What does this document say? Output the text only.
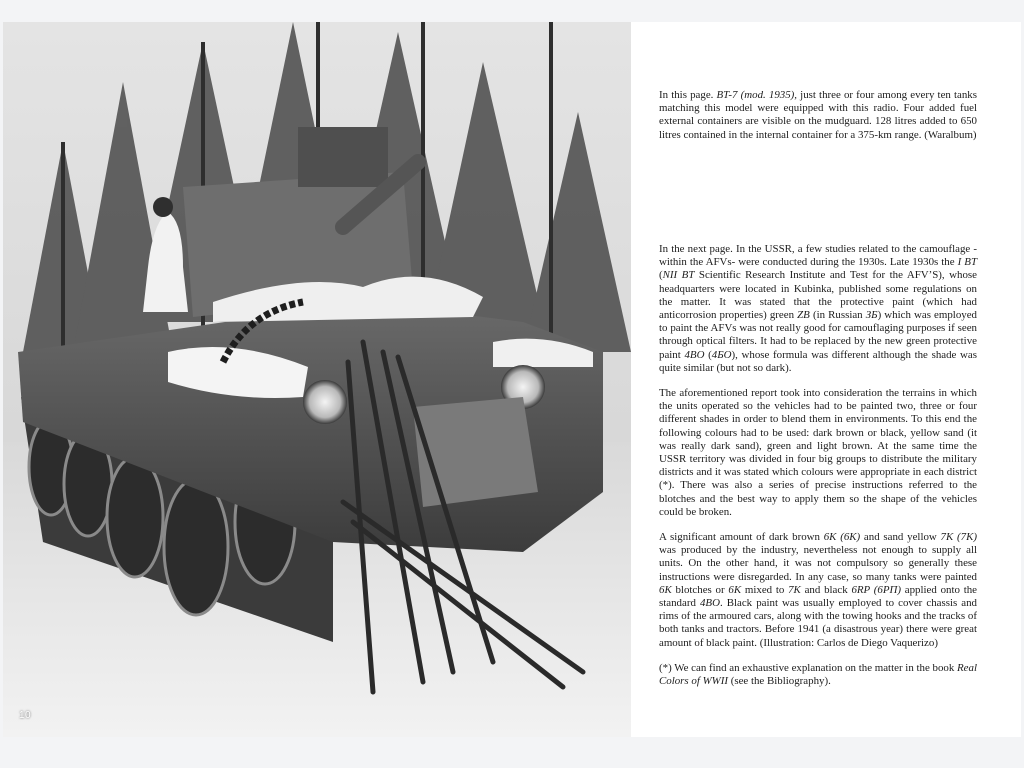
10

In this page. BT-7 (mod. 1935), just three or four among every ten tanks matching this model were equipped with this radio. Four added fuel external containers are visible on the mudguard. 128 litres added to 650 litres contained in the internal container for a 375-km range. (Waralbum)

In the next page. In the USSR, a few studies related to the camouflage -within the AFVs- were conducted during the 1930s. Late 1930s the I BT (NII BT Scientific Research Institute and Test for the AFV’S), whose headquarters were located in Kubinka, published some regulations on the matter. It was stated that the protective paint (which had anticorrosion properties) green ZB (in Russian ЗБ) which was employed to paint the AFVs was not really good for camouflaging purposes if seen through optical filters. It had to be replaced by the new green protective paint 4BO (4БO), whose formula was different although the shade was quite similar (but not so dark).

The aforementioned report took into consideration the terrains in which the units operated so the vehicles had to be painted two, three or four different shades in order to blend them in environments. To this end the following colours had to be used: dark brown or black, yellow sand (it was really dark sand), green and light brown. At the same time the USSR territory was divided in four big groups to distribute the military districts and it was stated which colours were appropriate in each district (*). There was also a series of precise instructions referred to the blotches and the best way to apply them so the shape of the vehicles could be broken.

A significant amount of dark brown 6K (6K) and sand yellow 7K (7K) was produced by the industry, nevertheless not enough to supply all units. On the other hand, it was not compulsory so generally these instructions were disregarded. In any case, so many tanks were painted 6K blotches or 6K mixed to 7K and black 6RP (6PП) applied onto the standard 4BO. Black paint was usually employed to cover chassis and rims of the armoured cars, along with the towing hooks and the tracks of both tanks and tractors. Before 1941 (a disastrous year) there were great amount of black paint. (Illustration: Carlos de Diego Vaquerizo)

(*) We can find an exhaustive explanation on the matter in the book Real Colors of WWII (see the Bibliography).
